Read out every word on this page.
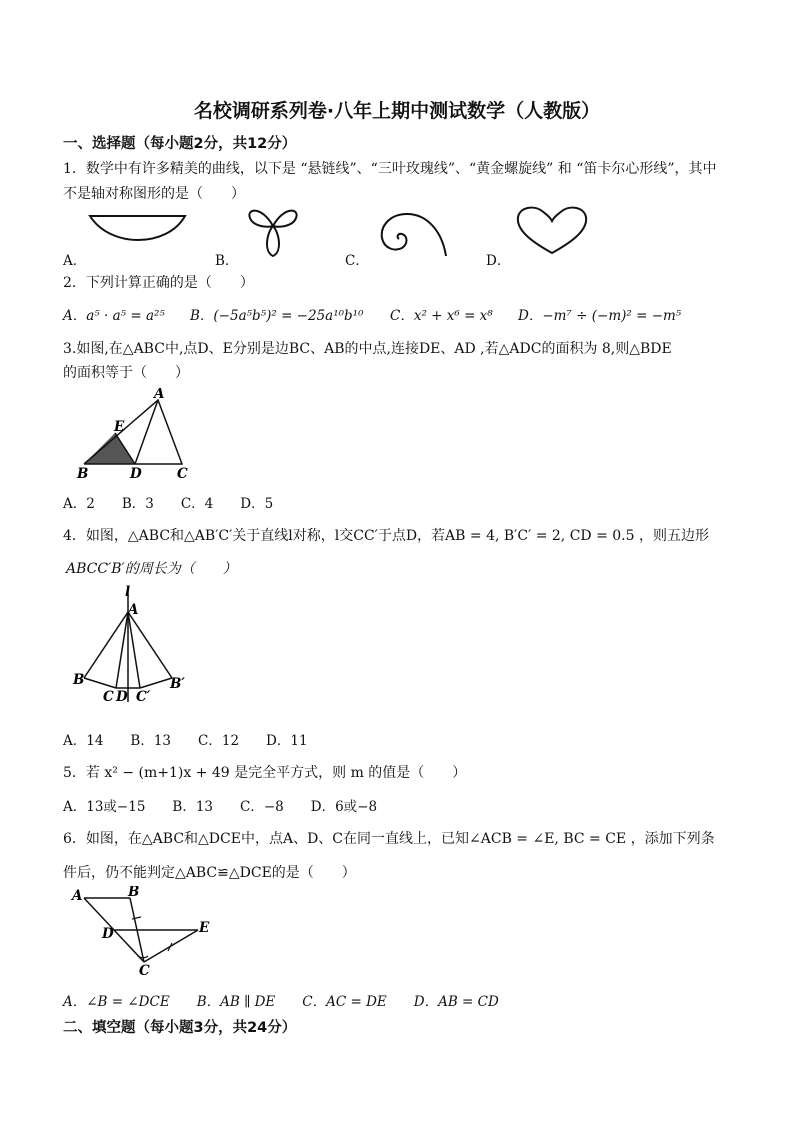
名校调研系列卷·八年上期中测试数学（人教版）
一、选择题（每小题2分，共12分）
1．数学中有许多精美的曲线，以下是 “悬链线”、“三叶玫瑰线”、“黄金螺旋线” 和 “笛卡尔心形线”，其中
不是轴对称图形的是（　　）
A．	B．	C．	D．
2．下列计算正确的是（　　）
A．a⁵ · a⁵ = a²⁵ B．(−5a⁵b⁵)² = −25a¹⁰b¹⁰ C．x² + x⁶ = x⁸ D．−m⁷ ÷ (−m)² = −m⁵
3.如图,在△ABC中,点D、E分别是边BC、AB的中点,连接DE、AD ,若△ADC的面积为 8,则△BDE
的面积等于（　　）
A
E
B	D	C
A．2　　B．3　　C．4　　D．5
4．如图，△ABC和△AB′C′关于直线l对称，l交CC′于点D，若AB = 4, B′C′ = 2, CD = 0.5 ，则五边形
ABCC′B′的周长为（　　）
l
A
B
C D C′
B′
A．14　　B．13　　C．12　　D．11
5．若 x² − (m+1)x + 49 是完全平方式，则 m 的值是（　　）
A．13或−15　　B．13　　C．−8　　D．6或−8
6．如图，在△ABC和△DCE中，点A、D、C在同一直线上，已知∠ACB = ∠E, BC = CE ，添加下列条
件后，仍不能判定△ABC≌△DCE的是（　　）
A	B
D	E
C
A．∠B = ∠DCE　　B．AB ∥ DE　　C．AC = DE　　D．AB = CD
二、填空题（每小题3分，共24分）
